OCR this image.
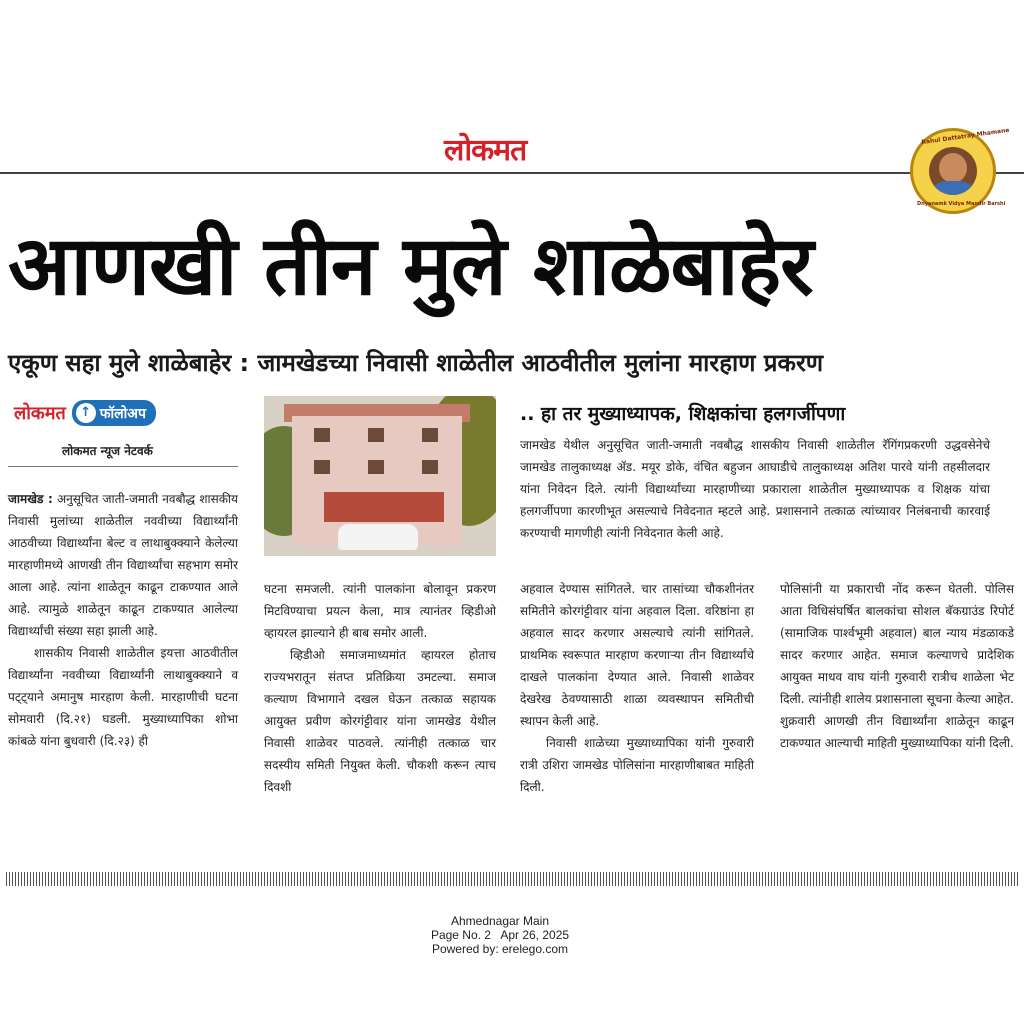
लोकमत	Rahul Dattatray Mhamane
Dnyanamk Vidya Mandir Barshi
आणखी तीन मुले शाळेबाहेर
एकूण सहा मुले शाळेबाहेर : जामखेडच्या निवासी शाळेतील आठवीतील मुलांना मारहाण प्रकरण
लोकमत	↑ फॉलोअप
लोकमत न्यूज नेटवर्क
.. हा तर मुख्याध्यापक, शिक्षकांचा हलगर्जीपणा
जामखेड येथील अनुसूचित जाती-जमाती नवबौद्ध शासकीय निवासी शाळेतील रॅगिंगप्रकरणी उद्धवसेनेचे जामखेड तालुकाध्यक्ष ॲड. मयूर डोके, वंचित बहुजन आघाडीचे तालुकाध्यक्ष अतिश पारवे यांनी तहसीलदार यांना निवेदन दिले. त्यांनी विद्यार्थ्यांच्या मारहाणीच्या प्रकाराला शाळेतील मुख्याध्यापक व शिक्षक यांचा हलगर्जीपणा कारणीभूत असल्याचे निवेदनात म्हटले आहे. प्रशासनाने तत्काळ त्यांच्यावर निलंबनाची कारवाई करण्याची मागणीही त्यांनी निवेदनात केली आहे.

जामखेड : अनुसूचित जाती-जमाती नवबौद्ध शासकीय निवासी मुलांच्या शाळेतील नववीच्या विद्यार्थ्यांनी आठवीच्या विद्यार्थ्यांना बेल्ट व लाथाबुक्क्याने केलेल्या मारहाणीमध्ये आणखी तीन विद्यार्थ्यांचा सहभाग समोर आला आहे. त्यांना शाळेतून काढून टाकण्यात आले आहे. त्यामुळे शाळेतून काढून टाकण्यात आलेल्या विद्यार्थ्यांची संख्या सहा झाली आहे.

शासकीय निवासी शाळेतील इयत्ता आठवीतील विद्यार्थ्यांना नववीच्या विद्यार्थ्यांनी लाथाबुक्क्याने व पट्ट्याने अमानुष मारहाण केली. मारहाणीची घटना सोमवारी (दि.२१) घडली. मुख्याध्यापिका शोभा कांबळे यांना बुधवारी (दि.२३) ही

घटना समजली. त्यांनी पालकांना बोलावून प्रकरण मिटविण्याचा प्रयत्न केला, मात्र त्यानंतर व्हिडीओ व्हायरल झाल्याने ही बाब समोर आली.

व्हिडीओ समाजमाध्यमांत व्हायरल होताच राज्यभरातून संतप्त प्रतिक्रिया उमटल्या. समाज कल्याण विभागाने दखल घेऊन तत्काळ सहायक आयुक्त प्रवीण कोरगंट्टीवार यांना जामखेड येथील निवासी शाळेवर पाठवले. त्यांनीही तत्काळ चार सदस्यीय समिती नियुक्त केली. चौकशी करून त्याच दिवशी

अहवाल देण्यास सांगितले. चार तासांच्या चौकशीनंतर समितीने कोरगंट्टीवार यांना अहवाल दिला. वरिष्ठांना हा अहवाल सादर करणार असल्याचे त्यांनी सांगितले. प्राथमिक स्वरूपात मारहाण करणाऱ्या तीन विद्यार्थ्यांचे दाखले पालकांना देण्यात आले. निवासी शाळेवर देखरेख ठेवण्यासाठी शाळा व्यवस्थापन समितीची स्थापन केली आहे.

निवासी शाळेच्या मुख्याध्यापिका यांनी गुरुवारी रात्री उशिरा जामखेड पोलिसांना मारहाणीबाबत माहिती दिली.

पोलिसांनी या प्रकाराची नोंद करून घेतली. पोलिस आता विधिसंघर्षित बालकांचा सोशल बॅकग्राउंड रिपोर्ट (सामाजिक पार्श्वभूमी अहवाल) बाल न्याय मंडळाकडे सादर करणार आहेत. समाज कल्याणचे प्रादेशिक आयुक्त माधव वाघ यांनी गुरुवारी रात्रीच शाळेला भेट दिली. त्यांनीही शालेय प्रशासनाला सूचना केल्या आहेत. शुक्रवारी आणखी तीन विद्यार्थ्यांना शाळेतून काढून टाकण्यात आल्याची माहिती मुख्याध्यापिका यांनी दिली.

Ahmednagar Main
Page No. 2   Apr 26, 2025
Powered by: erelego.com
